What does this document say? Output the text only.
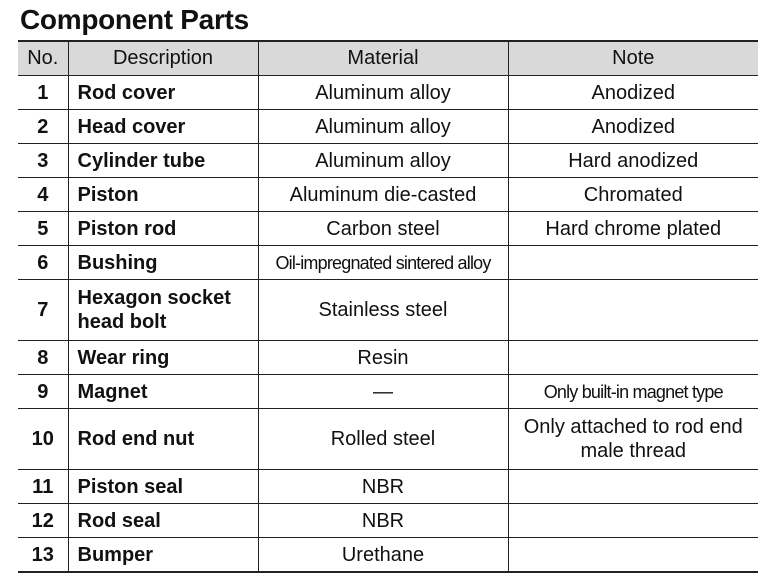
Component Parts
No.	Description	Material	Note
1	Rod cover	Aluminum alloy	Anodized
2	Head cover	Aluminum alloy	Anodized
3	Cylinder tube	Aluminum alloy	Hard anodized
4	Piston	Aluminum die-casted	Chromated
5	Piston rod	Carbon steel	Hard chrome plated
6	Bushing	Oil-impregnated sintered alloy	
7	Hexagon socket head bolt	Stainless steel	
8	Wear ring	Resin	
9	Magnet	—	Only built-in magnet type
10	Rod end nut	Rolled steel	Only attached to rod end male thread
11	Piston seal	NBR	
12	Rod seal	NBR	
13	Bumper	Urethane	
